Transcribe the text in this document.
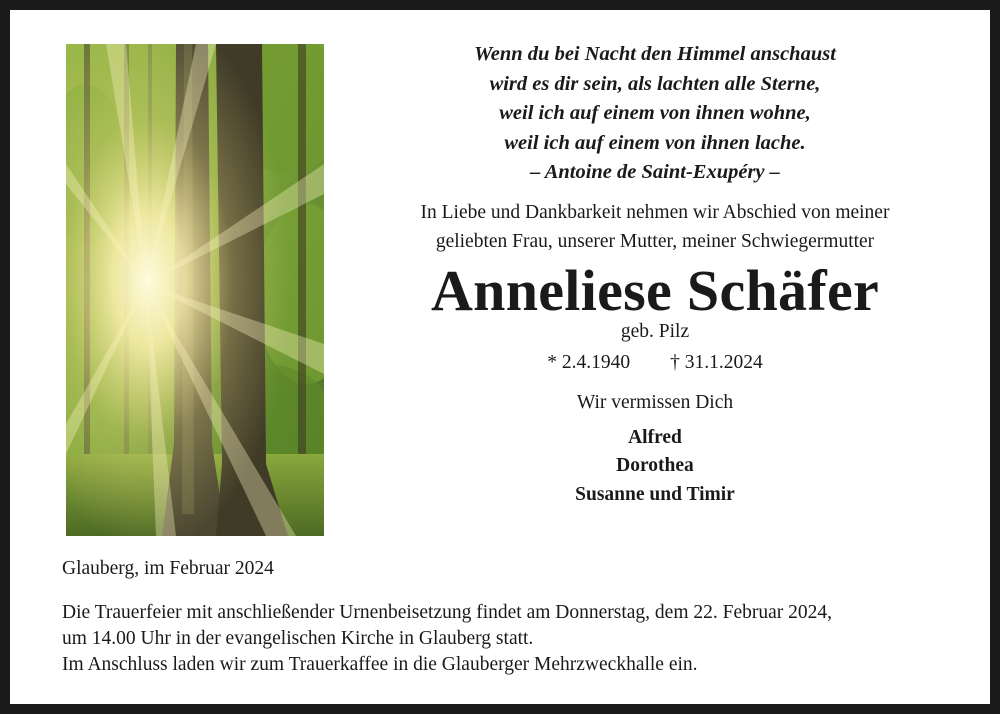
Wenn du bei Nacht den Himmel anschaust
wird es dir sein, als lachten alle Sterne,
weil ich auf einem von ihnen wohne,
weil ich auf einem von ihnen lache.
– Antoine de Saint-Exupéry –
In Liebe und Dankbarkeit nehmen wir Abschied von meiner
geliebten Frau, unserer Mutter, meiner Schwiegermutter
Anneliese Schäfer
geb. Pilz
* 2.4.1940 † 31.1.2024
Wir vermissen Dich
Alfred
Dorothea
Susanne und Timir
Glauberg, im Februar 2024
Die Trauerfeier mit anschließender Urnenbeisetzung findet am Donnerstag, dem 22. Februar 2024,
um 14.00 Uhr in der evangelischen Kirche in Glauberg statt.
Im Anschluss laden wir zum Trauerkaffee in die Glauberger Mehrzweckhalle ein.
